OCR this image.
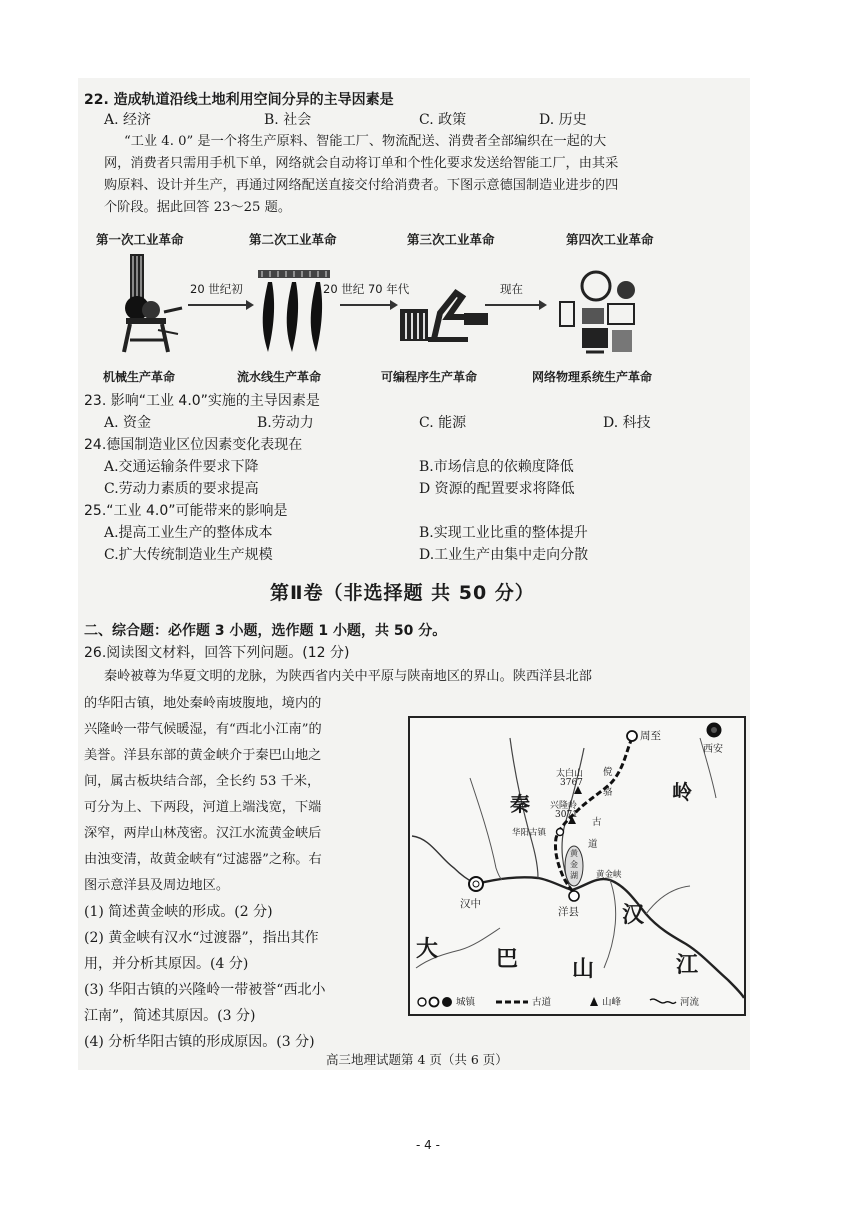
22. 造成轨道沿线土地利用空间分异的主导因素是
A. 经济	B. 社会	C. 政策	D. 历史
“工业 4. 0” 是一个将生产原料、智能工厂、物流配送、消费者全部编织在一起的大
网，消费者只需用手机下单，网络就会自动将订单和个性化要求发送给智能工厂，由其采
购原料、设计并生产，再通过网络配送直接交付给消费者。下图示意德国制造业进步的四
个阶段。据此回答 23～25 题。
第一次工业革命	第二次工业革命	第三次工业革命	第四次工业革命
20 世纪初	20 世纪 70 年代	现在
机械生产革命	流水线生产革命	可编程序生产革命	网络物理系统生产革命
23. 影响“工业 4.0”实施的主导因素是
A. 资金	B.劳动力	C. 能源	D. 科技
24.德国制造业区位因素变化表现在
A.交通运输条件要求下降	B.市场信息的依赖度降低
C.劳动力素质的要求提高	D 资源的配置要求将降低
25.“工业 4.0”可能带来的影响是
A.提高工业生产的整体成本	B.实现工业比重的整体提升
C.扩大传统制造业生产规模	D.工业生产由集中走向分散
第Ⅱ卷（非选择题 共 50 分）
二、综合题：必作题 3 小题，选作题 1 小题，共 50 分。
26.阅读图文材料，回答下列问题。(12 分)
秦岭被尊为华夏文明的龙脉，为陕西省内关中平原与陕南地区的界山。陕西洋县北部
的华阳古镇，地处秦岭南坡腹地，境内的
兴隆岭一带气候暖湿，有“西北小江南”的
美誉。洋县东部的黄金峡介于秦巴山地之
间，属古板块结合部，全长约 53 千米，
可分为上、下两段，河道上端浅宽，下端
深窄，两岸山林茂密。汉江水流黄金峡后
由浊变清，故黄金峡有“过滤器”之称。右
图示意洋县及周边地区。
(1) 简述黄金峡的形成。(2 分)
(2) 黄金峡有汉水“过渡器”，指出其作
用，并分析其原因。(4 分)
(3) 华阳古镇的兴隆岭一带被誉“西北小
江南”，简述其原因。(3 分)
(4) 分析华阳古镇的形成原因。(3 分)
周至
西安
太白山
3767
兴隆岭
3071
华阳古镇
洋县
汉中
黄金峡
傥
骆
古
道
黄
金
湖
秦	岭
大	巴 山
汉
江
城镇	古道	山峰	河流
高三地理试题第 4 页（共 6 页）
- 4 -
